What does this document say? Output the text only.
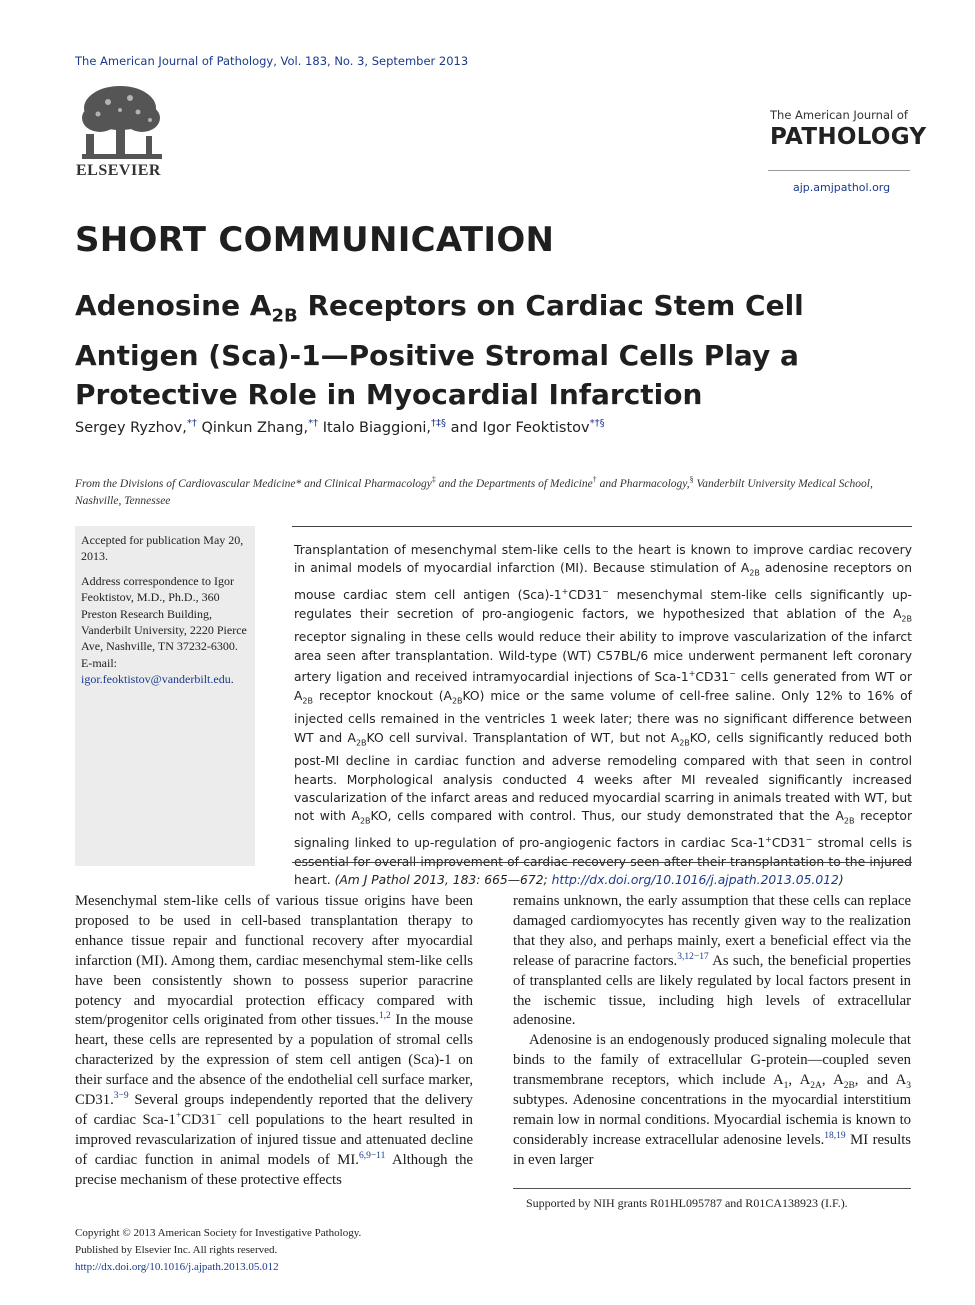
The American Journal of Pathology, Vol. 183, No. 3, September 2013
ELSEVIER
The American Journal of
PATHOLOGY
ajp.amjpathol.org
SHORT COMMUNICATION
Adenosine $A_{2B}$ Receptors on Cardiac Stem Cell Antigen (Sca)-1—Positive Stromal Cells Play a Protective Role in Myocardial Infarction
Sergey Ryzhov,*† Qinkun Zhang,*† Italo Biaggioni,†‡§ and Igor Feoktistov*†§
From the Divisions of Cardiovascular Medicine* and Clinical Pharmacology‡ and the Departments of Medicine† and Pharmacology,§ Vanderbilt University Medical School, Nashville, Tennessee

Accepted for publication May 20, 2013.

Address correspondence to Igor Feoktistov, M.D., Ph.D., 360 Preston Research Building, Vanderbilt University, 2220 Pierce Ave, Nashville, TN 37232-6300. E-mail: igor.feoktistov@vanderbilt.edu.

Transplantation of mesenchymal stem-like cells to the heart is known to improve cardiac recovery in animal models of myocardial infarction (MI). Because stimulation of $A_{2B}$ adenosine receptors on mouse cardiac stem cell antigen (Sca)-1+CD31− mesenchymal stem-like cells significantly up-regulates their secretion of pro-angiogenic factors, we hypothesized that ablation of the $A_{2B}$ receptor signaling in these cells would reduce their ability to improve vascularization of the infarct area seen after transplantation. Wild-type (WT) C57BL/6 mice underwent permanent left coronary artery ligation and received intramyocardial injections of Sca-1+CD31− cells generated from WT or $A_{2B}$ receptor knockout $(A_{2B}KO)$ mice or the same volume of cell-free saline. Only 12% to 16% of injected cells remained in the ventricles 1 week later; there was no significant difference between WT and $A_{2B}KO$ cell survival. Transplantation of WT, but not $A_{2B}KO$, cells significantly reduced both post-MI decline in cardiac function and adverse remodeling compared with that seen in control hearts. Morphological analysis conducted 4 weeks after MI revealed significantly increased vascularization of the infarct areas and reduced myocardial scarring in animals treated with WT, but not with $A_{2B}KO$, cells compared with control. Thus, our study demonstrated that the $A_{2B}$ receptor signaling linked to up-regulation of pro-angiogenic factors in cardiac Sca-1+CD31− stromal cells is essential for overall improvement of cardiac recovery seen after their transplantation to the injured heart. (Am J Pathol 2013, 183: 665—672; http://dx.doi.org/10.1016/j.ajpath.2013.05.012)

Mesenchymal stem-like cells of various tissue origins have been proposed to be used in cell-based transplantation therapy to enhance tissue repair and functional recovery after myocardial infarction (MI). Among them, cardiac mesenchymal stem-like cells have been consistently shown to possess superior paracrine potency and myocardial protection efficacy compared with stem/progenitor cells originated from other tissues.$^{1,2}$ In the mouse heart, these cells are represented by a population of stromal cells characterized by the expression of stem cell antigen (Sca)-1 on their surface and the absence of the endothelial cell surface marker, CD31.$^{3-9}$ Several groups independently reported that the delivery of cardiac Sca-1+CD31− cell populations to the heart resulted in improved revascularization of injured tissue and attenuated decline of cardiac function in animal models of MI.$^{6,9-11}$ Although the precise mechanism of these protective effects

remains unknown, the early assumption that these cells can replace damaged cardiomyocytes has recently given way to the realization that they also, and perhaps mainly, exert a beneficial effect via the release of paracrine factors.$^{3,12-17}$ As such, the beneficial properties of transplanted cells are likely regulated by local factors present in the ischemic tissue, including high levels of extracellular adenosine.

Adenosine is an endogenously produced signaling molecule that binds to the family of extracellular G-protein—coupled seven transmembrane receptors, which include $A_1$, $A_{2A}$, $A_{2B}$, and $A_3$ subtypes. Adenosine concentrations in the myocardial interstitium remain low in normal conditions. Myocardial ischemia is known to considerably increase extracellular adenosine levels.$^{18,19}$ MI results in even larger

Supported by NIH grants R01HL095787 and R01CA138923 (I.F.).
Copyright © 2013 American Society for Investigative Pathology.
Published by Elsevier Inc. All rights reserved.
http://dx.doi.org/10.1016/j.ajpath.2013.05.012
